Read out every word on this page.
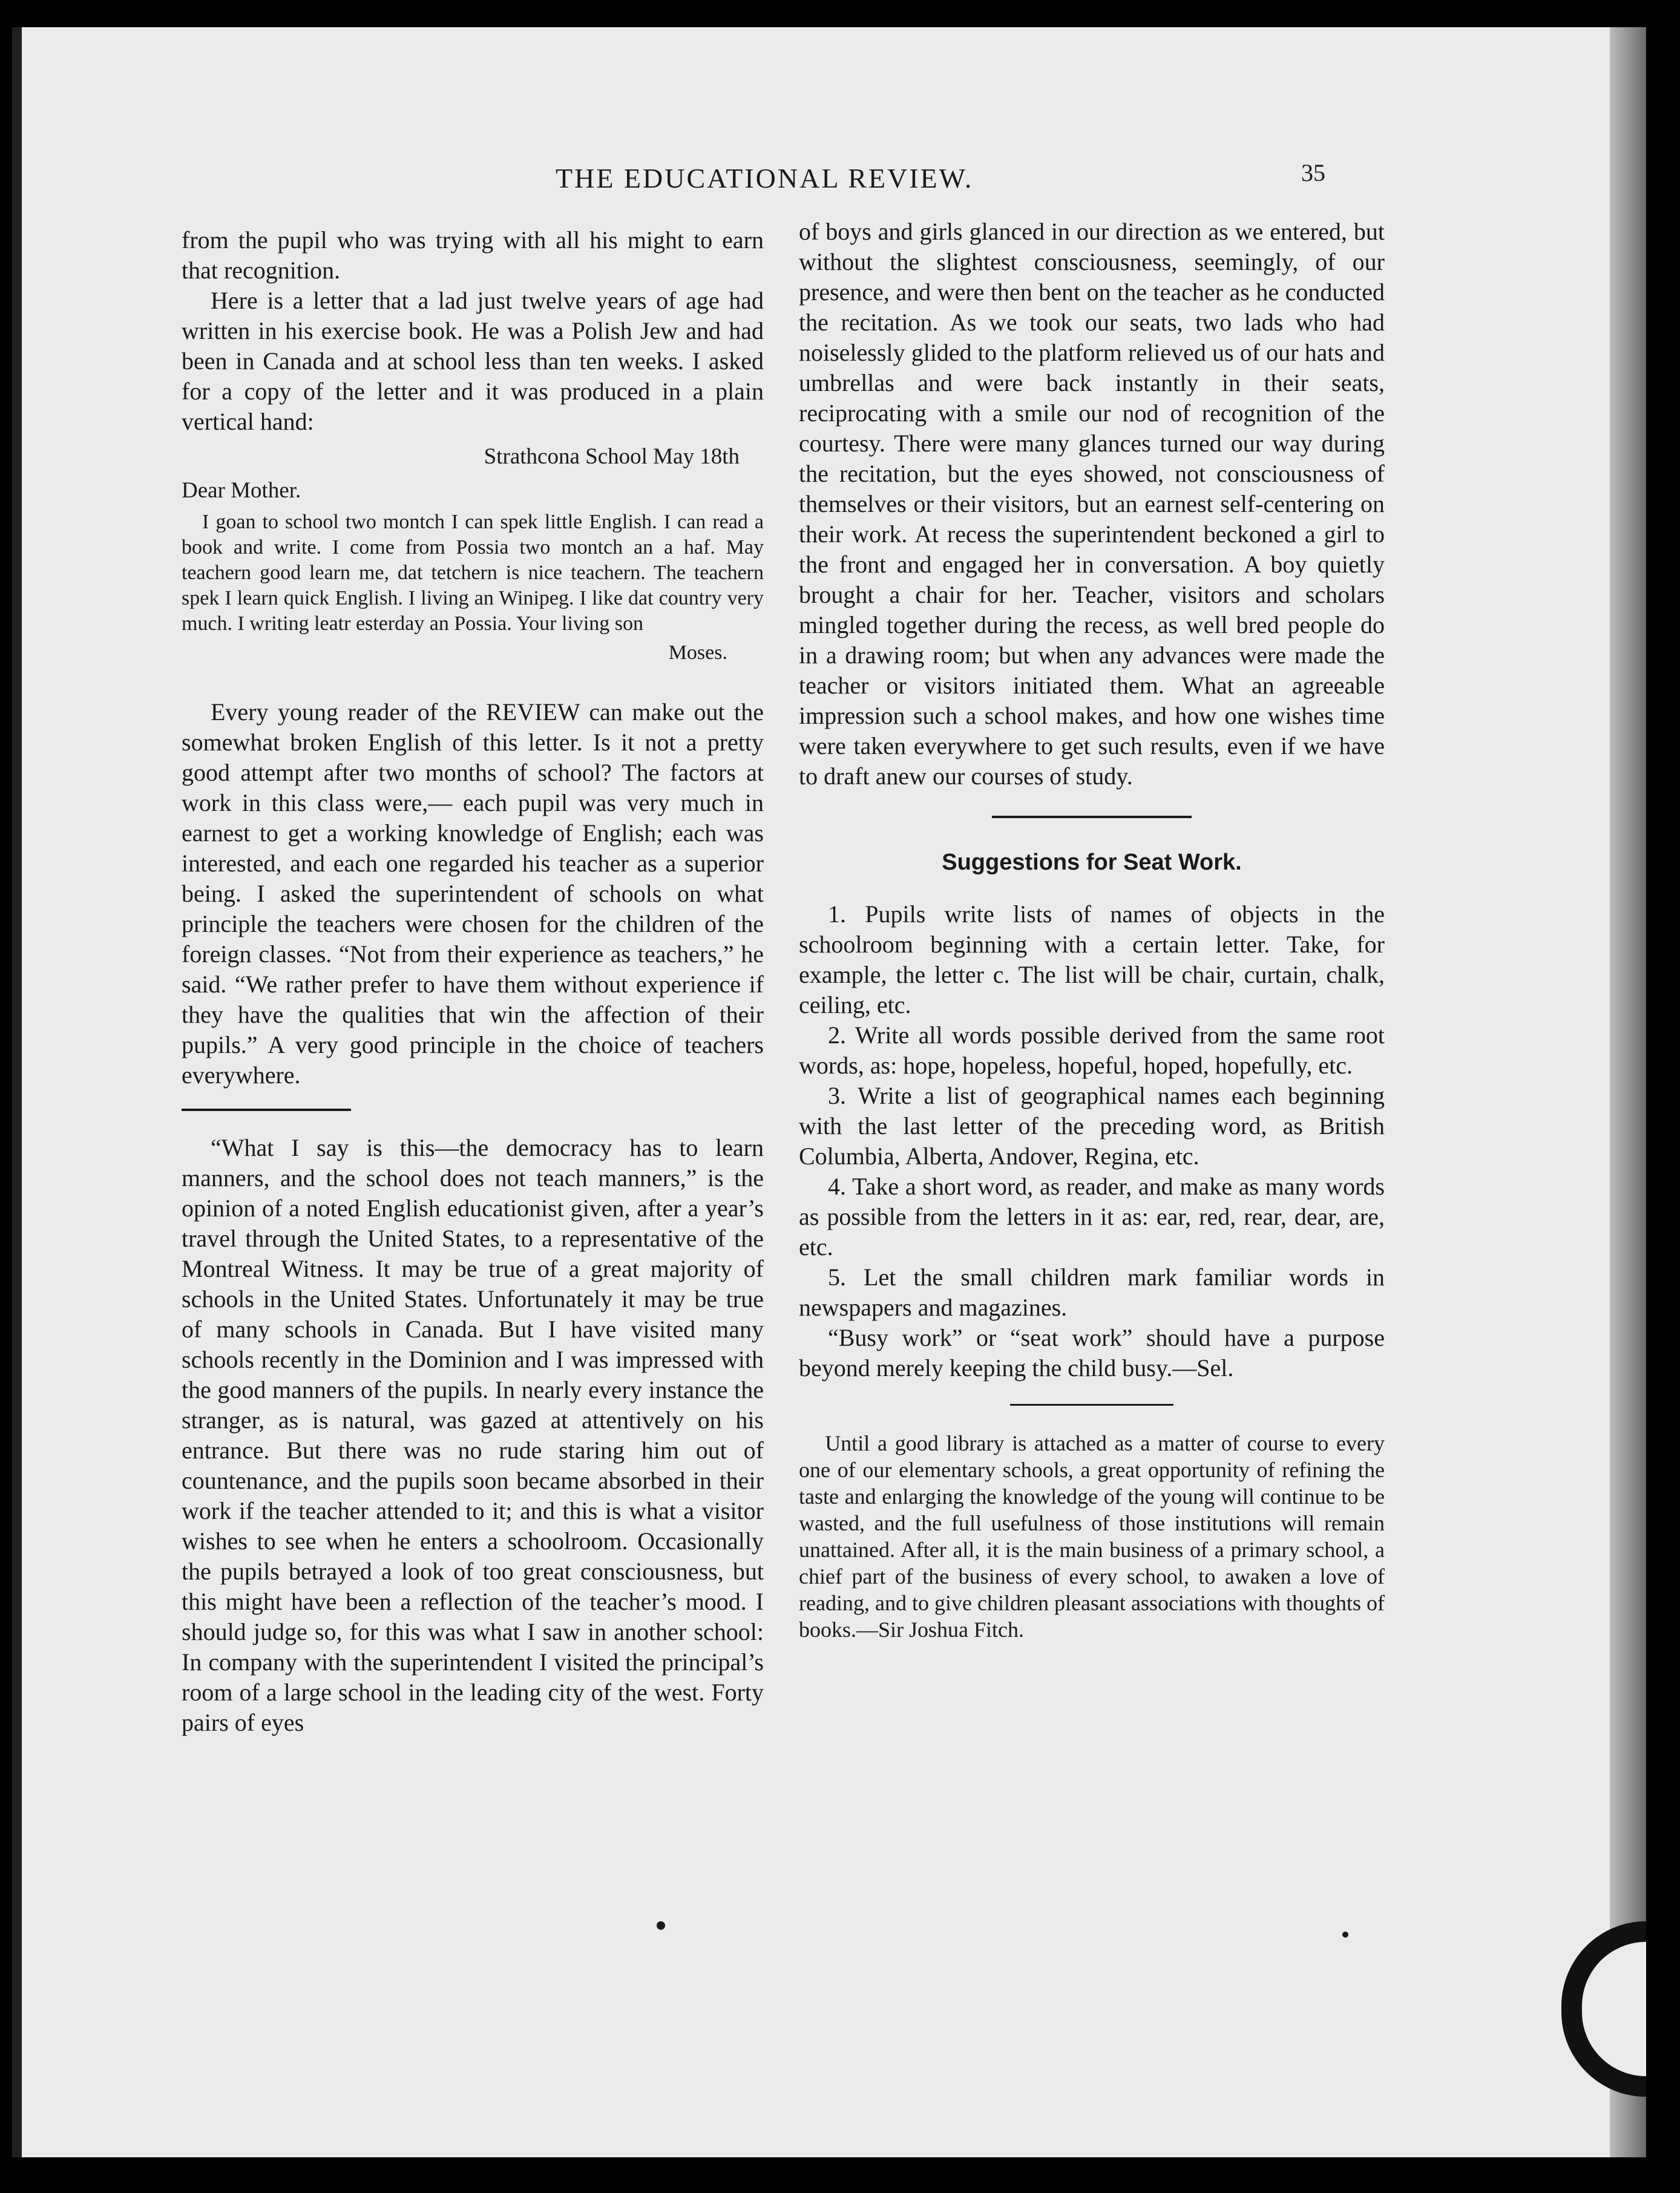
THE EDUCATIONAL REVIEW.	35

from the pupil who was trying with all his might to earn that recognition.

Here is a letter that a lad just twelve years of age had written in his exercise book. He was a Polish Jew and had been in Canada and at school less than ten weeks. I asked for a copy of the letter and it was produced in a plain vertical hand:

Strathcona School May 18th
Dear Mother.

I goan to school two montch I can spek little English. I can read a book and write. I come from Possia two montch an a haf. May teachern good learn me, dat tetchern is nice teachern. The teachern spek I learn quick English. I living an Winipeg. I like dat country very much. I writing leatr esterday an Possia. Your living son

Moses.

Every young reader of the REVIEW can make out the somewhat broken English of this letter. Is it not a pretty good attempt after two months of school? The factors at work in this class were,— each pupil was very much in earnest to get a working knowledge of English; each was interested, and each one regarded his teacher as a superior being. I asked the superintendent of schools on what principle the teachers were chosen for the children of the foreign classes. “Not from their experience as teachers,” he said. “We rather prefer to have them without experience if they have the qualities that win the affection of their pupils.” A very good principle in the choice of teachers everywhere.

“What I say is this—the democracy has to learn manners, and the school does not teach manners,” is the opinion of a noted English educationist given, after a year’s travel through the United States, to a representative of the Montreal Witness. It may be true of a great majority of schools in the United States. Unfortunately it may be true of many schools in Canada. But I have visited many schools recently in the Dominion and I was impressed with the good manners of the pupils. In nearly every instance the stranger, as is natural, was gazed at attentively on his entrance. But there was no rude staring him out of countenance, and the pupils soon became absorbed in their work if the teacher attended to it; and this is what a visitor wishes to see when he enters a schoolroom. Occasionally the pupils betrayed a look of too great consciousness, but this might have been a reflection of the teacher’s mood. I should judge so, for this was what I saw in another school: In company with the superintendent I visited the principal’s room of a large school in the leading city of the west. Forty pairs of eyes

of boys and girls glanced in our direction as we entered, but without the slightest consciousness, seemingly, of our presence, and were then bent on the teacher as he conducted the recitation. As we took our seats, two lads who had noiselessly glided to the platform relieved us of our hats and umbrellas and were back instantly in their seats, reciprocating with a smile our nod of recognition of the courtesy. There were many glances turned our way during the recitation, but the eyes showed, not consciousness of themselves or their visitors, but an earnest self-centering on their work. At recess the superintendent beckoned a girl to the front and engaged her in conversation. A boy quietly brought a chair for her. Teacher, visitors and scholars mingled together during the recess, as well bred people do in a drawing room; but when any advances were made the teacher or visitors initiated them. What an agreeable impression such a school makes, and how one wishes time were taken everywhere to get such results, even if we have to draft anew our courses of study.

Suggestions for Seat Work.

1. Pupils write lists of names of objects in the schoolroom beginning with a certain letter. Take, for example, the letter c. The list will be chair, curtain, chalk, ceiling, etc.

2. Write all words possible derived from the same root words, as: hope, hopeless, hopeful, hoped, hopefully, etc.

3. Write a list of geographical names each beginning with the last letter of the preceding word, as British Columbia, Alberta, Andover, Regina, etc.

4. Take a short word, as reader, and make as many words as possible from the letters in it as: ear, red, rear, dear, are, etc.

5. Let the small children mark familiar words in newspapers and magazines.

“Busy work” or “seat work” should have a purpose beyond merely keeping the child busy.—Sel.

Until a good library is attached as a matter of course to every one of our elementary schools, a great opportunity of refining the taste and enlarging the knowledge of the young will continue to be wasted, and the full usefulness of those institutions will remain unattained. After all, it is the main business of a primary school, a chief part of the business of every school, to awaken a love of reading, and to give children pleasant associations with thoughts of books.—Sir Joshua Fitch.
